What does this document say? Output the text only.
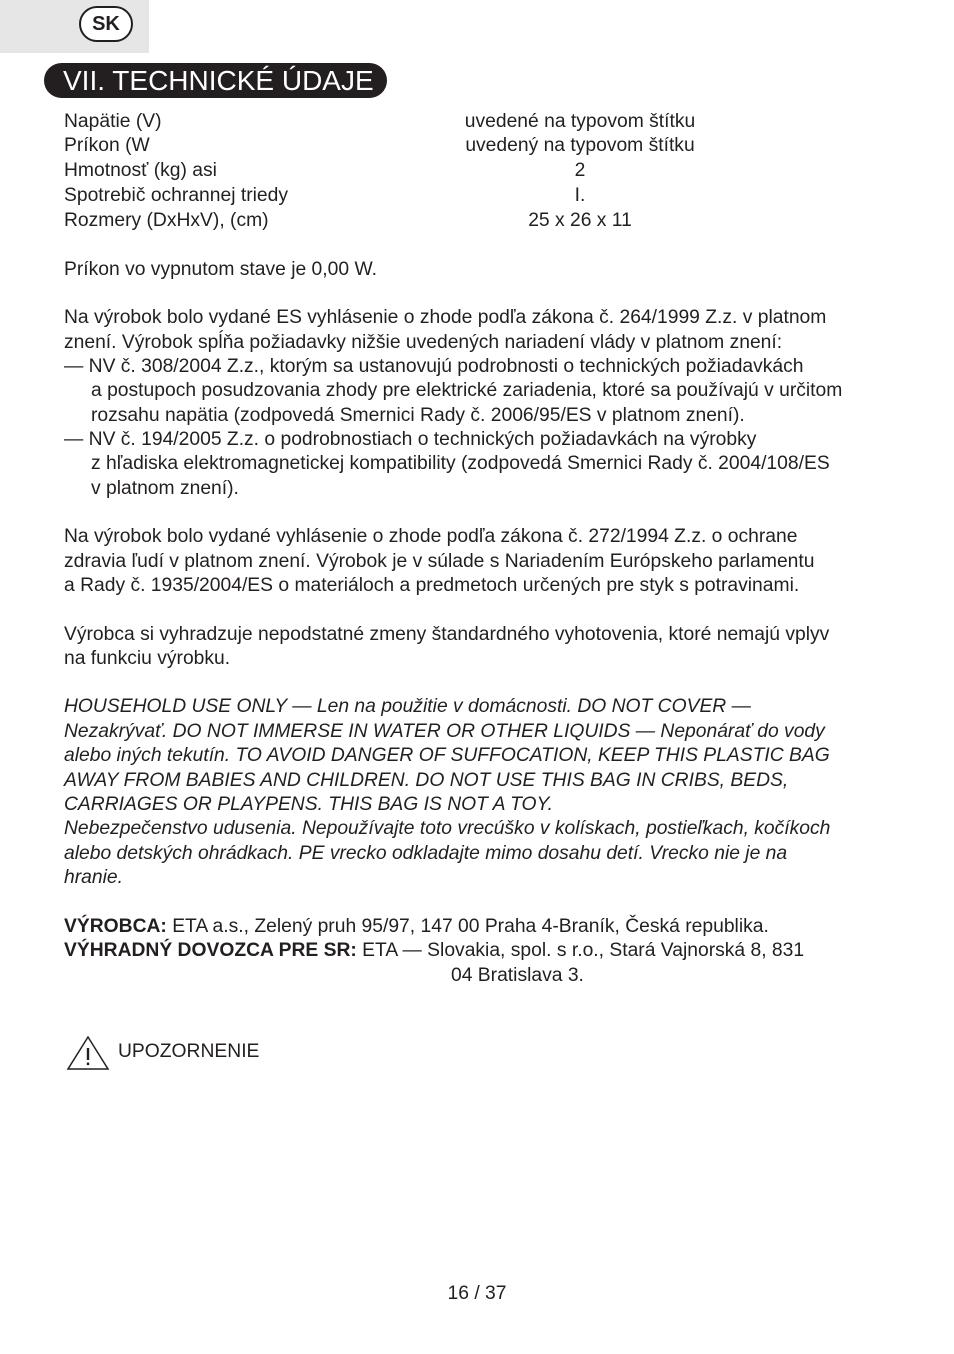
SK
VII. TECHNICKÉ ÚDAJE
Napätie (V)	uvedené na typovom štítku
Príkon (W	uvedený na typovom štítku
Hmotnosť (kg) asi	2
Spotrebič ochrannej triedy	I.
Rozmery (DxHxV), (cm)	25 x 26 x 11
Príkon vo vypnutom stave je 0,00 W.
Na výrobok bolo vydané ES vyhlásenie o zhode podľa zákona č. 264/1999 Z.z. v platnom
znení. Výrobok spĺňa požiadavky nižšie uvedených nariadení vlády v platnom znení:
— NV č. 308/2004 Z.z., ktorým sa ustanovujú podrobnosti o technických požiadavkách
a postupoch posudzovania zhody pre elektrické zariadenia, ktoré sa používajú v určitom
rozsahu napätia (zodpovedá Smernici Rady č. 2006/95/ES v platnom znení).
— NV č. 194/2005 Z.z. o podrobnostiach o technických požiadavkách na výrobky
z hľadiska elektromagnetickej kompatibility (zodpovedá Smernici Rady č. 2004/108/ES
v platnom znení).
Na výrobok bolo vydané vyhlásenie o zhode podľa zákona č. 272/1994 Z.z. o ochrane
zdravia ľudí v platnom znení. Výrobok je v súlade s Nariadením Európskeho parlamentu
a Rady č. 1935/2004/ES o materiáloch a predmetoch určených pre styk s potravinami.
Výrobca si vyhradzuje nepodstatné zmeny štandardného vyhotovenia, ktoré nemajú vplyv
na funkciu výrobku.
HOUSEHOLD USE ONLY — Len na použitie v domácnosti. DO NOT COVER —
Nezakrývať. DO NOT IMMERSE IN WATER OR OTHER LIQUIDS — Neponárať do vody
alebo iných tekutín. TO AVOID DANGER OF SUFFOCATION, KEEP THIS PLASTIC BAG
AWAY FROM BABIES AND CHILDREN. DO NOT USE THIS BAG IN CRIBS, BEDS,
CARRIAGES OR PLAYPENS. THIS BAG IS NOT A TOY.
Nebezpečenstvo udusenia. Nepoužívajte toto vrecúško v kolískach, postieľkach, kočíkoch
alebo detských ohrádkach. PE vrecko odkladajte mimo dosahu detí. Vrecko nie je na
hranie.
VÝROBCA: ETA a.s., Zelený pruh 95/97, 147 00 Praha 4-Braník, Česká republika.
VÝHRADNÝ DOVOZCA PRE SR: ETA — Slovakia, spol. s r.o., Stará Vajnorská 8, 831
04 Bratislava 3.
UPOZORNENIE
16 / 37
